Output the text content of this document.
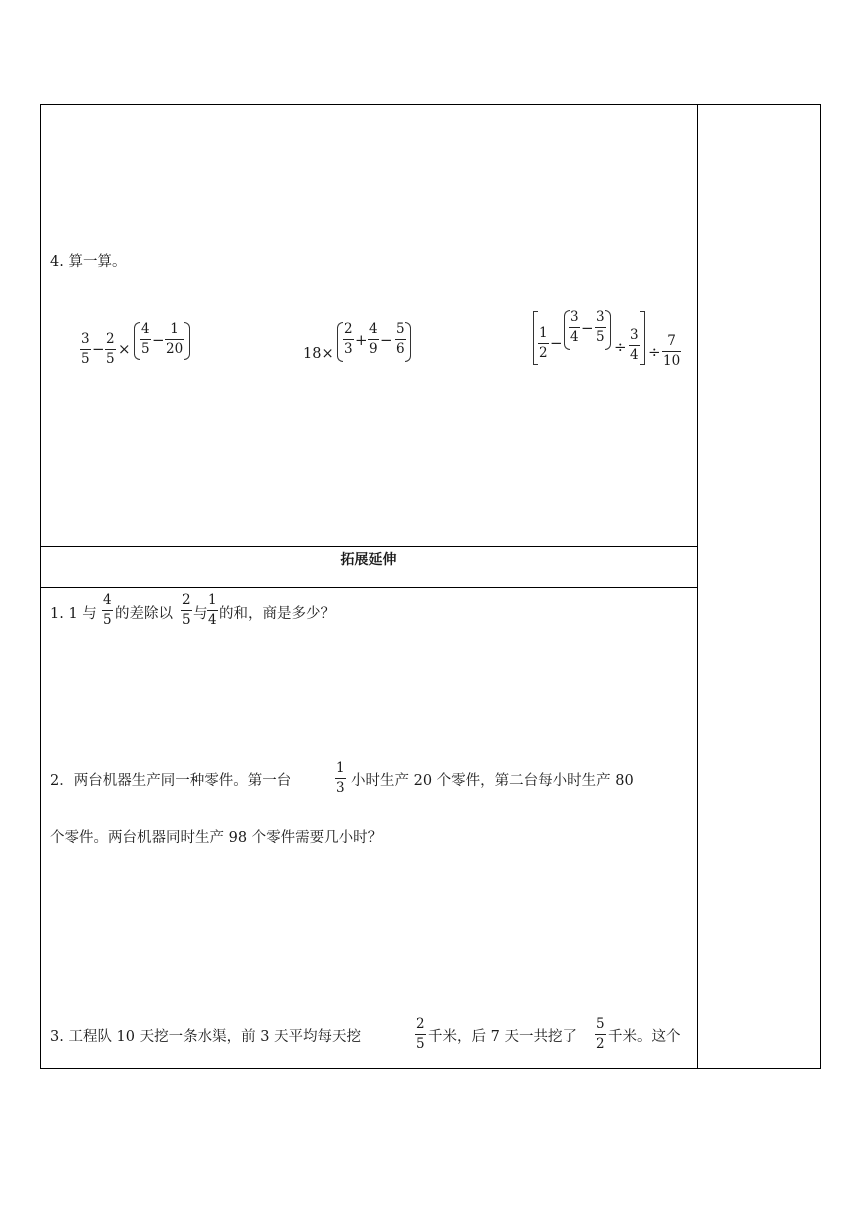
4. 算一算。
3
5
−
2
5
×
4
5 −
1
20	18×
2
3 +
4
9 −
5
6
1
2
−
3
4 −
3
5
÷
3
4 ÷
7
10
拓展延伸
1. 1 与
4
5 的差除以
2
5 与
1
4 的和，商是多少？
2．两台机器生产同一种零件。第一台
1
3 小时生产 20 个零件，第二台每小时生产 80
个零件。两台机器同时生产 98 个零件需要几小时？
3. 工程队 10 天挖一条水渠，前 3 天平均每天挖
2
5 千米，后 7 天一共挖了
5
2 千米。这个
